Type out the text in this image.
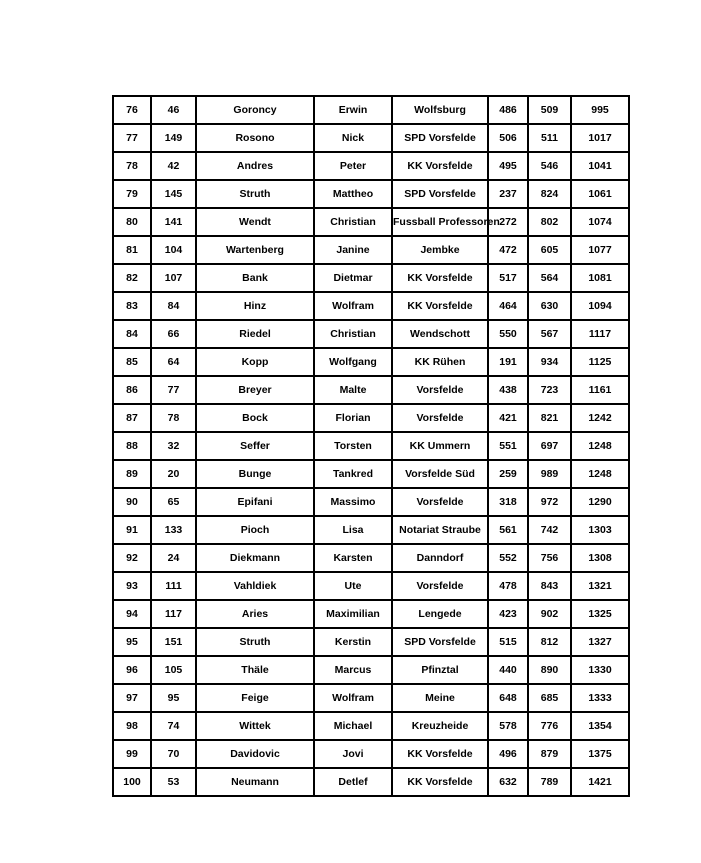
76	46	Goroncy	Erwin	Wolfsburg	486	509	995
77	149	Rosono	Nick	SPD Vorsfelde	506	511	1017
78	42	Andres	Peter	KK Vorsfelde	495	546	1041
79	145	Struth	Mattheo	SPD Vorsfelde	237	824	1061
80	141	Wendt	Christian	Fussball Professoren	272	802	1074
81	104	Wartenberg	Janine	Jembke	472	605	1077
82	107	Bank	Dietmar	KK Vorsfelde	517	564	1081
83	84	Hinz	Wolfram	KK Vorsfelde	464	630	1094
84	66	Riedel	Christian	Wendschott	550	567	1117
85	64	Kopp	Wolfgang	KK Rühen	191	934	1125
86	77	Breyer	Malte	Vorsfelde	438	723	1161
87	78	Bock	Florian	Vorsfelde	421	821	1242
88	32	Seffer	Torsten	KK Ummern	551	697	1248
89	20	Bunge	Tankred	Vorsfelde Süd	259	989	1248
90	65	Epifani	Massimo	Vorsfelde	318	972	1290
91	133	Pioch	Lisa	Notariat Straube	561	742	1303
92	24	Diekmann	Karsten	Danndorf	552	756	1308
93	111	Vahldiek	Ute	Vorsfelde	478	843	1321
94	117	Aries	Maximilian	Lengede	423	902	1325
95	151	Struth	Kerstin	SPD Vorsfelde	515	812	1327
96	105	Thäle	Marcus	Pfinztal	440	890	1330
97	95	Feige	Wolfram	Meine	648	685	1333
98	74	Wittek	Michael	Kreuzheide	578	776	1354
99	70	Davidovic	Jovi	KK Vorsfelde	496	879	1375
100	53	Neumann	Detlef	KK Vorsfelde	632	789	1421
